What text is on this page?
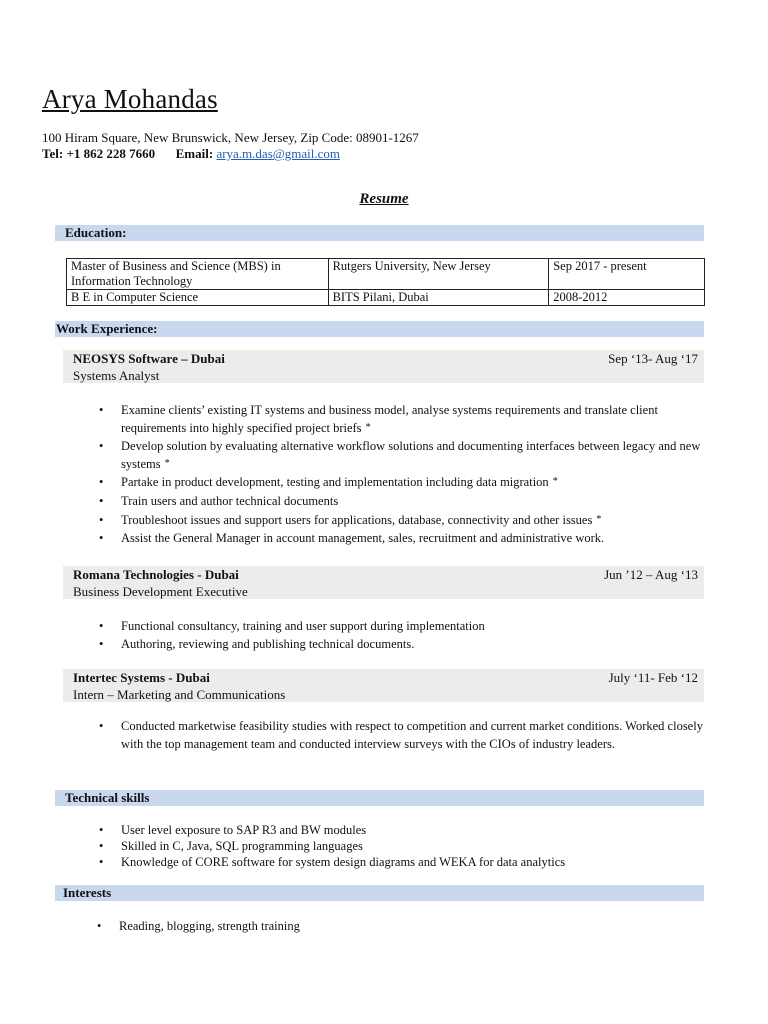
Arya Mohandas
100 Hiram Square, New Brunswick, New Jersey, Zip Code: 08901-1267
Tel: +1 862 228 7660 Email: arya.m.das@gmail.com
Resume
Education:
Master of Business and Science (MBS) in Information Technology	Rutgers University, New Jersey	Sep 2017 - present
B E in Computer Science	BITS Pilani, Dubai	2008-2012
Work Experience:
NEOSYS Software – Dubai	Sep ‘13- Aug ‘17
Systems Analyst
• Examine clients’ existing IT systems and business model, analyse systems requirements and translate client requirements into highly specified project briefs *
• Develop solution by evaluating alternative workflow solutions and documenting interfaces between legacy and new systems *
• Partake in product development, testing and implementation including data migration *
• Train users and author technical documents
• Troubleshoot issues and support users for applications, database, connectivity and other issues *
• Assist the General Manager in account management, sales, recruitment and administrative work.
Romana Technologies - Dubai	Jun ’12 – Aug ‘13
Business Development Executive
• Functional consultancy, training and user support during implementation
• Authoring, reviewing and publishing technical documents.
Intertec Systems - Dubai	July ‘11- Feb ‘12
Intern – Marketing and Communications
• Conducted marketwise feasibility studies with respect to competition and current market conditions. Worked closely with the top management team and conducted interview surveys with the CIOs of industry leaders.
Technical skills
• User level exposure to SAP R3 and BW modules
• Skilled in C, Java, SQL programming languages
• Knowledge of CORE software for system design diagrams and WEKA for data analytics
Interests
• Reading, blogging, strength training
